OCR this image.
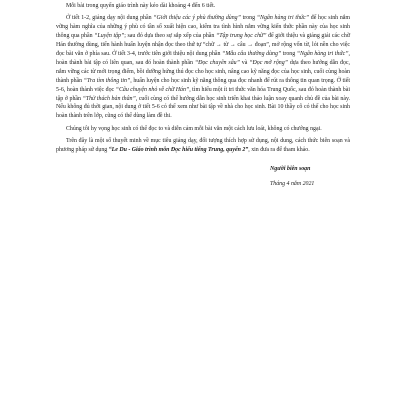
Mỗi bài trong quyển giáo trình này kéo dài khoảng 4 đến 6 tiết.

Ở tiết 1-2, giảng dạy nội dung phần “Giới thiệu các ý phù thường dùng” trong “Ngân hàng tri thức” để học sinh nắm vững hàm nghĩa của những ý phù có tần số xuất hiện cao, kiểm tra tình hình nắm vững kiến thức phần này của học sinh thông qua phần “Luyện tập”; sau đó dựa theo sự sắp xếp của phần “Tập trung học chữ” để giới thiệu và giảng giải các chữ Hán thường dùng, tiến hành huấn luyện nhận đọc theo thứ tự “chữ → từ → câu → đoạn”, mở rộng vốn từ, lót nền cho việc đọc bài văn ở phía sau. Ở tiết 3-4, trước tiên giới thiệu nội dung phần “Mẫu câu thường dùng” trong “Ngân hàng tri thức”, hoàn thành bài tập có liên quan, sau đó hoàn thành phần “Đọc chuyên sâu” và “Đọc mở rộng” dựa theo hướng dẫn đọc, nắm vững các từ mới trọng điểm, bồi dưỡng hứng thú đọc cho học sinh, nâng cao kỹ năng đọc của học sinh, cuối cùng hoàn thành phần “Tra tìm thông tin”, huấn luyện cho học sinh kỹ năng thông qua đọc nhanh để rút ra thông tin quan trọng. Ở tiết 5-6, hoàn thành việc đọc “Câu chuyện nhỏ về chữ Hán”, tìm hiểu một ít tri thức văn hóa Trung Quốc, sau đó hoàn thành bài tập ở phần “Thử thách bản thân”, cuối cùng có thể hướng dẫn học sinh triển khai thảo luận xoay quanh chủ đề của bài này. Nếu không đủ thời gian, nội dung ở tiết 5-6 có thể xem như bài tập về nhà cho học sinh. Bài 10 thầy cô có thể cho học sinh hoàn thành trên lớp, cũng có thể dùng làm đề thi.

Chúng tôi hy vọng học sinh có thể đọc to và diễn cảm mỗi bài văn một cách lưu loát, không có chướng ngại.

Trên đây là một số thuyết minh về mục tiêu giảng dạy, đối tượng thích hợp sử dụng, nội dung, cách thức biên soạn và phương pháp sử dụng “Le Du - Giáo trình môn Đọc hiểu tiếng Trung, quyển 2”, xin đưa ra để tham khảo.

Người biên soạn
Tháng 4 năm 2021
